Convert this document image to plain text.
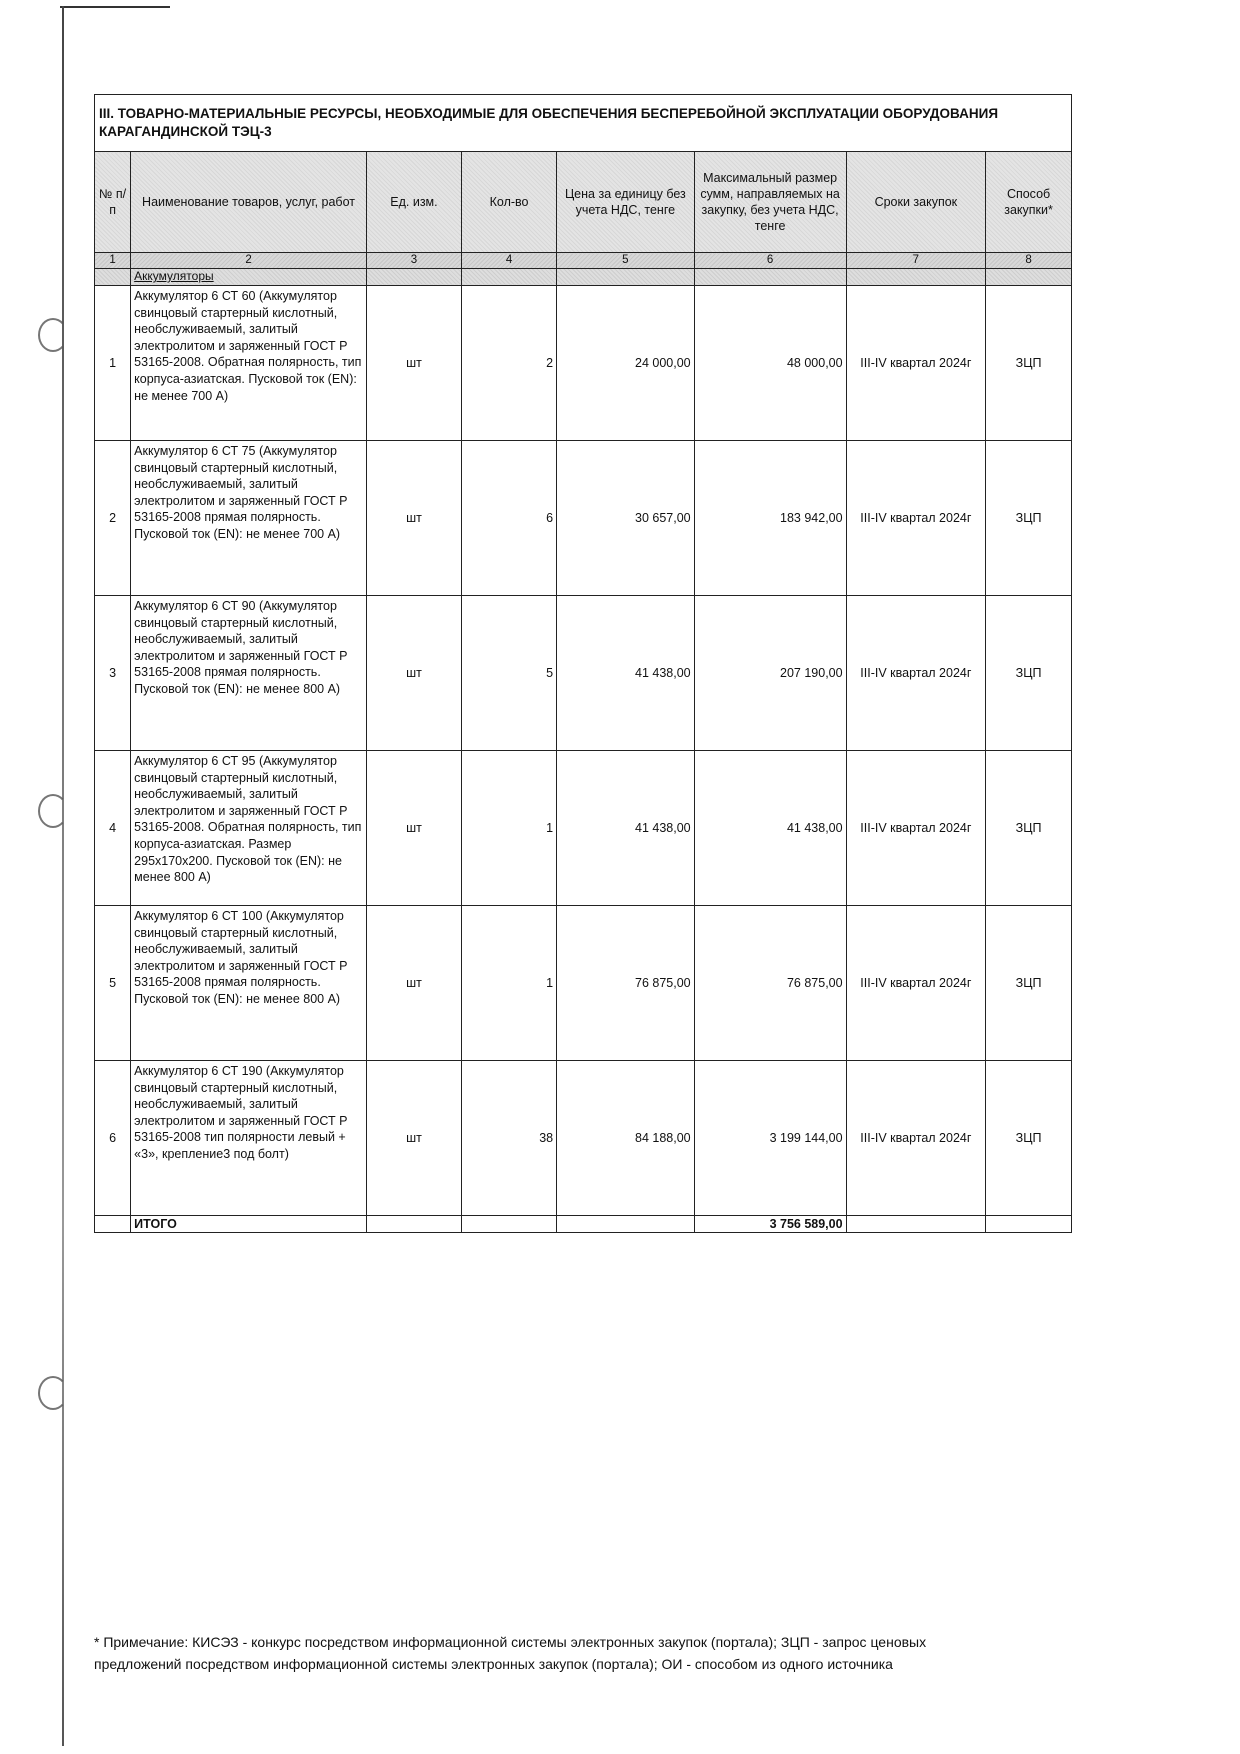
III. ТОВАРНО-МАТЕРИАЛЬНЫЕ РЕСУРСЫ, НЕОБХОДИМЫЕ ДЛЯ ОБЕСПЕЧЕНИЯ БЕСПЕРЕБОЙНОЙ ЭКСПЛУАТАЦИИ ОБОРУДОВАНИЯ КАРАГАНДИНСКОЙ ТЭЦ-3							
№ п/п	Наименование товаров, услуг, работ	Ед. изм.	Кол-во	Цена за единицу без учета НДС, тенге	Максимальный размер сумм, направляемых на закупку, без учета НДС, тенге	Сроки закупок	Способ закупки*
1	2	3	4	5	6	7	8
	Аккумуляторы						
1	Аккумулятор 6 СТ 60 (Аккумулятор свинцовый стартерный кислотный, необслуживаемый, залитый электролитом и заряженный ГОСТ Р 53165-2008. Обратная полярность, тип корпуса-азиатская. Пусковой ток (EN): не менее 700 А)	шт	2	24 000,00	48 000,00	III-IV квартал 2024г	ЗЦП
2	Аккумулятор 6 СТ 75 (Аккумулятор свинцовый стартерный кислотный, необслуживаемый, залитый электролитом и заряженный ГОСТ Р 53165-2008 прямая полярность. Пусковой ток (EN): не менее 700 А)	шт	6	30 657,00	183 942,00	III-IV квартал 2024г	ЗЦП
3	Аккумулятор 6 СТ 90 (Аккумулятор свинцовый стартерный кислотный, необслуживаемый, залитый электролитом и заряженный ГОСТ Р 53165-2008 прямая полярность. Пусковой ток (EN): не менее 800 А)	шт	5	41 438,00	207 190,00	III-IV квартал 2024г	ЗЦП
4	Аккумулятор 6 СТ 95 (Аккумулятор свинцовый стартерный кислотный, необслуживаемый, залитый электролитом и заряженный ГОСТ Р 53165-2008. Обратная полярность, тип корпуса-азиатская. Размер 295х170х200. Пусковой ток (EN): не менее 800 А)	шт	1	41 438,00	41 438,00	III-IV квартал 2024г	ЗЦП
5	Аккумулятор 6 СТ 100 (Аккумулятор свинцовый стартерный кислотный, необслуживаемый, залитый электролитом и заряженный ГОСТ Р 53165-2008 прямая полярность. Пусковой ток (EN): не менее 800 А)	шт	1	76 875,00	76 875,00	III-IV квартал 2024г	ЗЦП
6	Аккумулятор 6 СТ 190 (Аккумулятор свинцовый стартерный кислотный, необслуживаемый, залитый электролитом и заряженный ГОСТ Р 53165-2008 тип полярности левый + «3», крепление3 под болт)	шт	38	84 188,00	3 199 144,00	III-IV квартал 2024г	ЗЦП
	ИТОГО				3 756 589,00		
* Примечание: КИСЭЗ - конкурс посредством информационной системы электронных закупок (портала); ЗЦП - запрос ценовых
предложений посредством информационной системы электронных закупок (портала); ОИ - способом из одного источника
